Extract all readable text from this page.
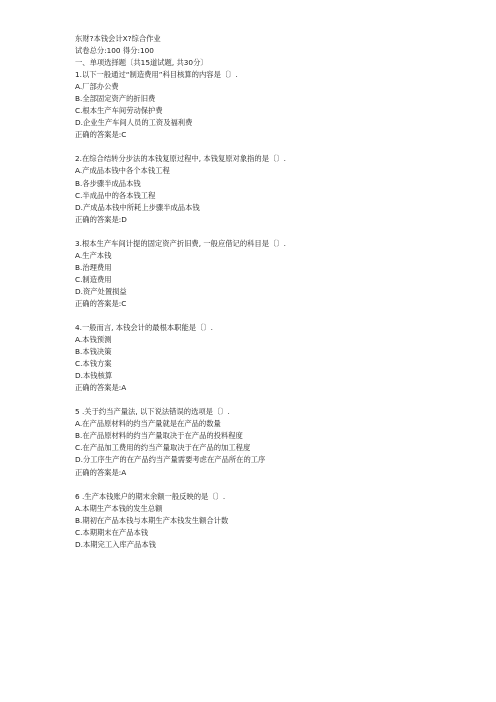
东财?本钱会计X?综合作业
试卷总分:100 得分:100
一、单项选择题〔共15道试题, 共30分〕
1.以下一般通过“制造费用”科目核算的内容是〔〕.
A.厂部办公费
B.全部固定资产的折旧费
C.根本生产车间劳动保护费
D.企业生产车间人员的工资及福利费
正确的答案是:C
2.在综合结转分步法的本钱复原过程中, 本钱复原对象指的是〔〕.
A.产成品本钱中各个本钱工程
B.各步骤半成品本钱
C.半成品中的各本钱工程
D.产成品本钱中所耗上步骤半成品本钱
正确的答案是:D
3.根本生产车间计提的固定资产折旧费, 一般应借记的科目是〔〕.
A.生产本钱
B.治理费用
C.制造费用
D.资产处置损益
正确的答案是:C
4.一般而言, 本钱会计的最根本职能是〔〕.
A.本钱预测
B.本钱决策
C.本钱方案
D.本钱核算
正确的答案是:A
5 .关于约当产量法, 以下说法错误的选项是〔〕.
A.在产品原材料的约当产量就是在产品的数量
B.在产品原材料的约当产量取决于在产品的投料程度
C.在产品加工费用的约当产量取决于在产品的加工程度
D.分工序生产的在产品约当产量需要考虑在产品所在的工序
正确的答案是:A
6 .生产本钱账户的期末余额一般反映的是〔〕.
A.本期生产本钱的发生总额
B.期初在产品本钱与本期生产本钱发生额合计数
C.本期期末在产品本钱
D.本期完工入库产品本钱
